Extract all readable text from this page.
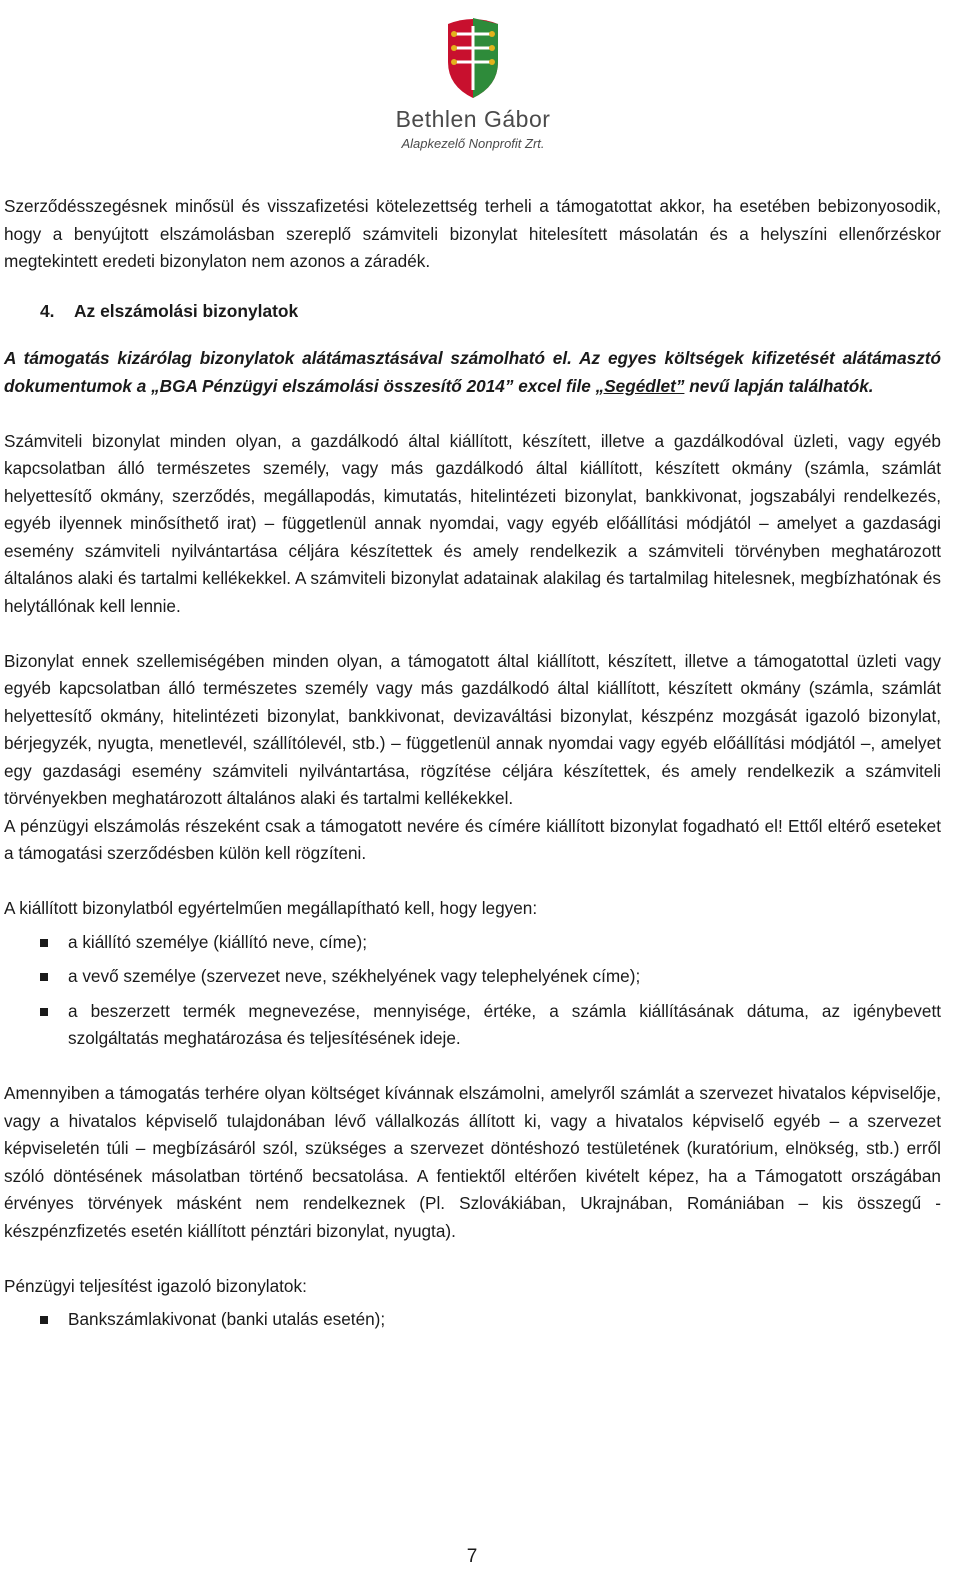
Bethlen Gábor
Alapkezelő Nonprofit Zrt.

Szerződésszegésnek minősül és visszafizetési kötelezettség terheli a támogatottat akkor, ha esetében bebizonyosodik, hogy a benyújtott elszámolásban szereplő számviteli bizonylat hitelesített másolatán és a helyszíni ellenőrzéskor megtekintett eredeti bizonylaton nem azonos a záradék.

4. Az elszámolási bizonylatok

A támogatás kizárólag bizonylatok alátámasztásával számolható el. Az egyes költségek kifizetését alátámasztó dokumentumok a „BGA Pénzügyi elszámolási összesítő 2014” excel file „Segédlet” nevű lapján találhatók.

Számviteli bizonylat minden olyan, a gazdálkodó által kiállított, készített, illetve a gazdálkodóval üzleti, vagy egyéb kapcsolatban álló természetes személy, vagy más gazdálkodó által kiállított, készített okmány (számla, számlát helyettesítő okmány, szerződés, megállapodás, kimutatás, hitelintézeti bizonylat, bankkivonat, jogszabályi rendelkezés, egyéb ilyennek minősíthető irat) – függetlenül annak nyomdai, vagy egyéb előállítási módjától – amelyet a gazdasági esemény számviteli nyilvántartása céljára készítettek és amely rendelkezik a számviteli törvényben meghatározott általános alaki és tartalmi kellékekkel. A számviteli bizonylat adatainak alakilag és tartalmilag hitelesnek, megbízhatónak és helytállónak kell lennie.

Bizonylat ennek szellemiségében minden olyan, a támogatott által kiállított, készített, illetve a támogatottal üzleti vagy egyéb kapcsolatban álló természetes személy vagy más gazdálkodó által kiállított, készített okmány (számla, számlát helyettesítő okmány, hitelintézeti bizonylat, bankkivonat, devizaváltási bizonylat, készpénz mozgását igazoló bizonylat, bérjegyzék, nyugta, menetlevél, szállítólevél, stb.) – függetlenül annak nyomdai vagy egyéb előállítási módjától –, amelyet egy gazdasági esemény számviteli nyilvántartása, rögzítése céljára készítettek, és amely rendelkezik a számviteli törvényekben meghatározott általános alaki és tartalmi kellékekkel.

A pénzügyi elszámolás részeként csak a támogatott nevére és címére kiállított bizonylat fogadható el! Ettől eltérő eseteket a támogatási szerződésben külön kell rögzíteni.

A kiállított bizonylatból egyértelműen megállapítható kell, hogy legyen:

a kiállító személye (kiállító neve, címe);
a vevő személye (szervezet neve, székhelyének vagy telephelyének címe);
a beszerzett termék megnevezése, mennyisége, értéke, a számla kiállításának dátuma, az igénybevett szolgáltatás meghatározása és teljesítésének ideje.

Amennyiben a támogatás terhére olyan költséget kívánnak elszámolni, amelyről számlát a szervezet hivatalos képviselője, vagy a hivatalos képviselő tulajdonában lévő vállalkozás állított ki, vagy a hivatalos képviselő egyéb – a szervezet képviseletén túli – megbízásáról szól, szükséges a szervezet döntéshozó testületének (kuratórium, elnökség, stb.) erről szóló döntésének másolatban történő becsatolása. A fentiektől eltérően kivételt képez, ha a Támogatott országában érvényes törvények másként nem rendelkeznek (Pl. Szlovákiában, Ukrajnában, Romániában – kis összegű - készpénzfizetés esetén kiállított pénztári bizonylat, nyugta).

Pénzügyi teljesítést igazoló bizonylatok:

Bankszámlakivonat (banki utalás esetén);
7
